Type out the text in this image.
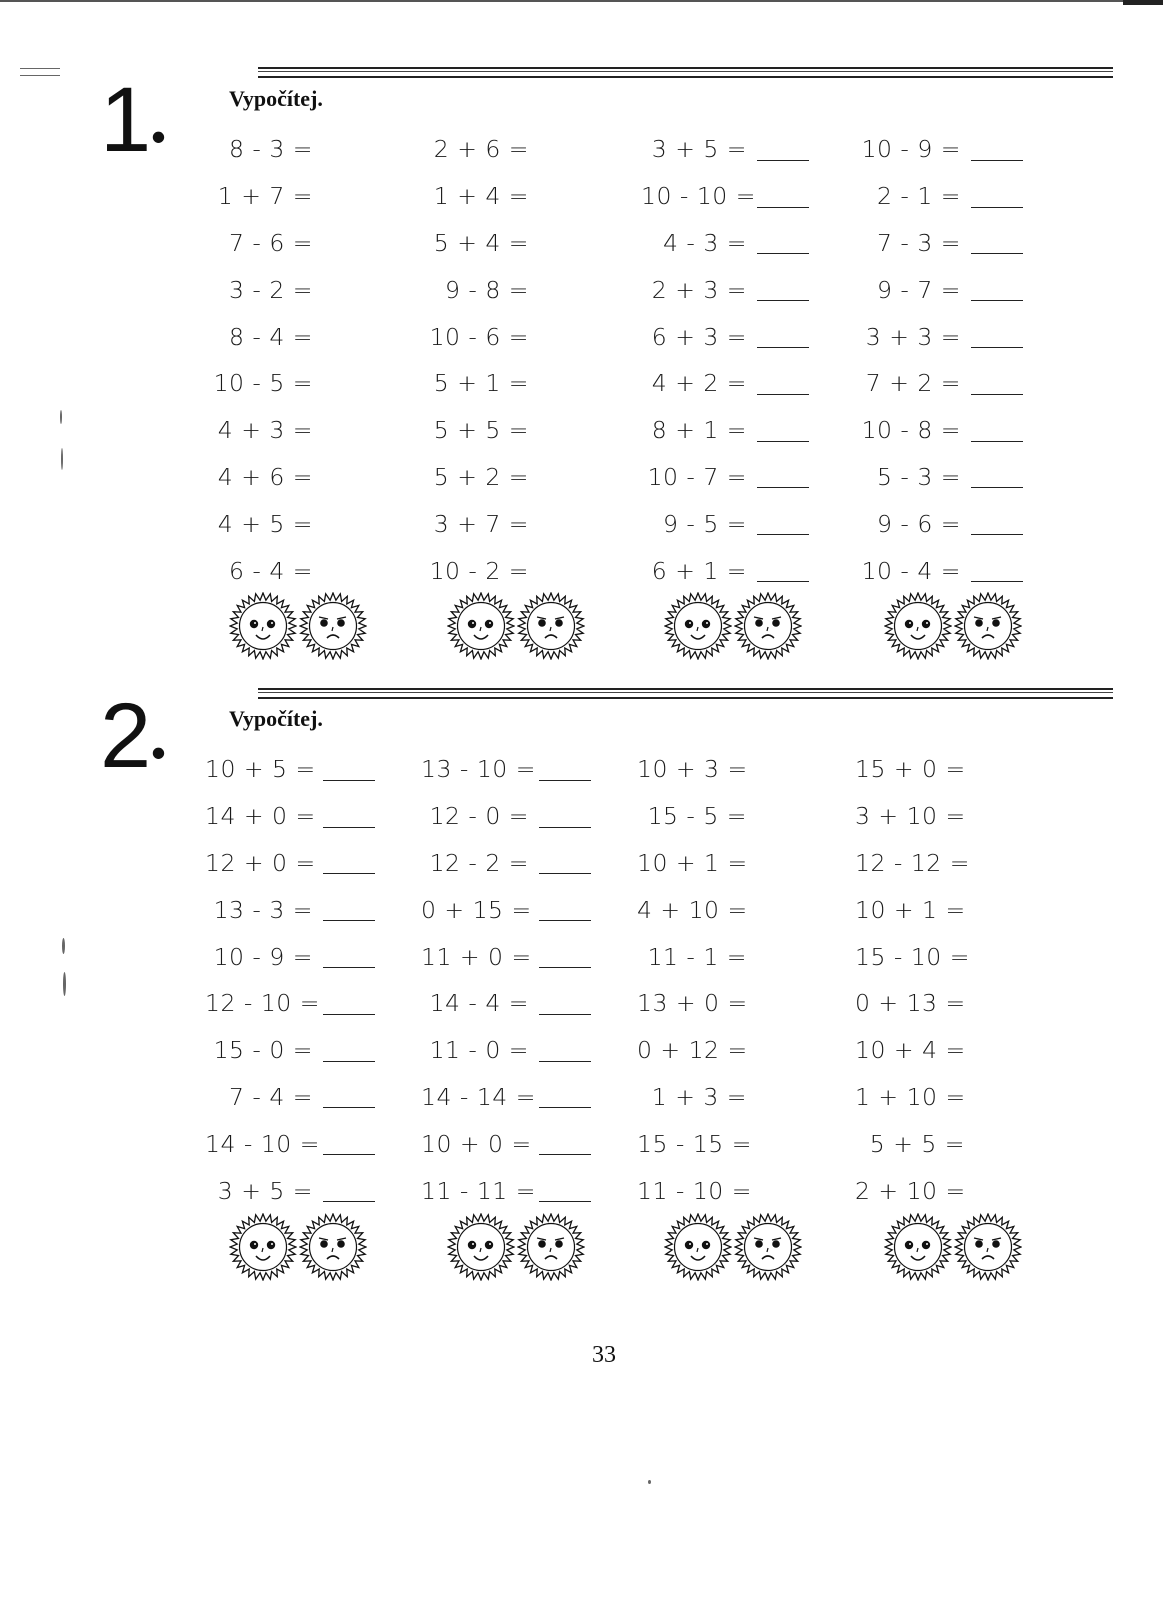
1•
Vypočítej.
8 - 3 =
1 + 7 =
7 - 6 =
3 - 2 =
8 - 4 =
10 - 5 =
4 + 3 =
4 + 6 =
4 + 5 =
6 - 4 =
2 + 6 =
1 + 4 =
5 + 4 =
9 - 8 =
10 - 6 =
5 + 1 =
5 + 5 =
5 + 2 =
3 + 7 =
10 - 2 =
3 + 5 =
10 - 10 =
4 - 3 =
2 + 3 =
6 + 3 =
4 + 2 =
8 + 1 =
10 - 7 =
9 - 5 =
6 + 1 =
10 - 9 =
2 - 1 =
7 - 3 =
9 - 7 =
3 + 3 =
7 + 2 =
10 - 8 =
5 - 3 =
9 - 6 =
10 - 4 =
2•
Vypočítej.
10 + 5 =
14 + 0 =
12 + 0 =
13 - 3 =
10 - 9 =
12 - 10 =
15 - 0 =
7 - 4 =
14 - 10 =
3 + 5 =
13 - 10 =
12 - 0 =
12 - 2 =
0 + 15 =
11 + 0 =
14 - 4 =
11 - 0 =
14 - 14 =
10 + 0 =
11 - 11 =
10 + 3 =
15 - 5 =
10 + 1 =
4 + 10 =
11 - 1 =
13 + 0 =
0 + 12 =
1 + 3 =
15 - 15 =
11 - 10 =
15 + 0 =
3 + 10 =
12 - 12 =
10 + 1 =
15 - 10 =
0 + 13 =
10 + 4 =
1 + 10 =
5 + 5 =
2 + 10 =
33
